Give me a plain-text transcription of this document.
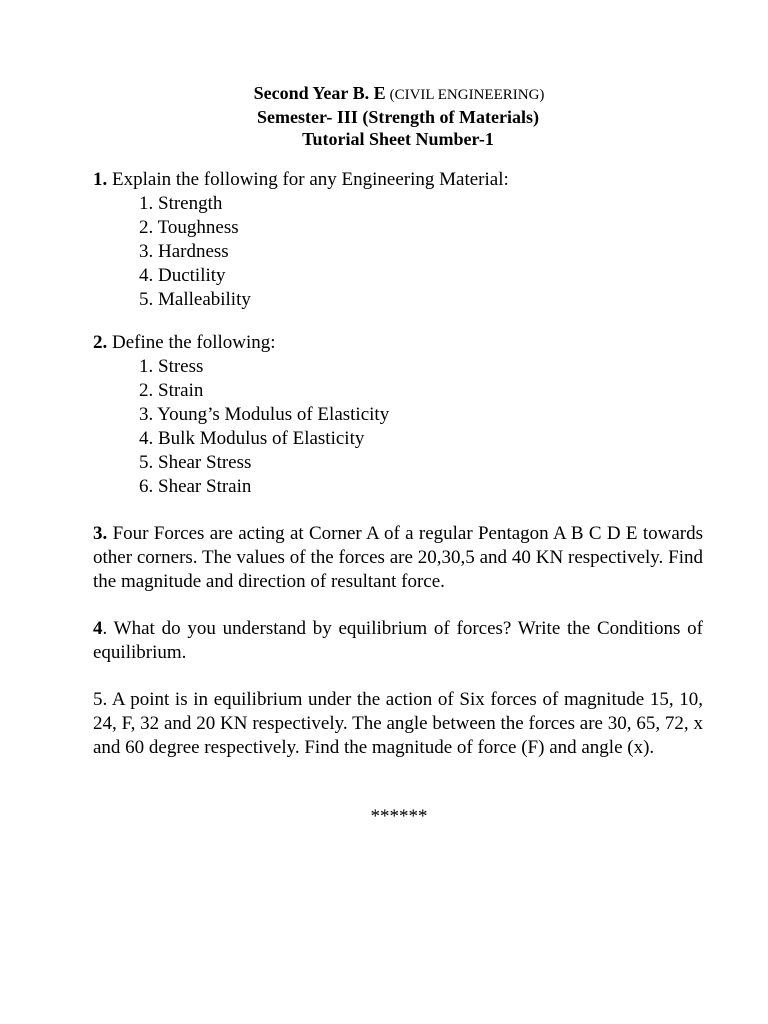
Second Year B. E (CIVIL ENGINEERING)
Semester- III (Strength of Materials)
Tutorial Sheet Number-1
1. Explain the following for any Engineering Material:
1. Strength
2. Toughness
3. Hardness
4. Ductility
5. Malleability
2. Define the following:
1. Stress
2. Strain
3. Young’s Modulus of Elasticity
4. Bulk Modulus of Elasticity
5. Shear Stress
6. Shear Strain
3. Four Forces are acting at Corner A of a regular Pentagon A B C D E towards other corners. The values of the forces are 20,30,5 and 40 KN respectively. Find the magnitude and direction of resultant force.
4. What do you understand by equilibrium of forces? Write the Conditions of equilibrium.
5. A point is in equilibrium under the action of Six forces of magnitude 15, 10, 24, F, 32 and 20 KN respectively. The angle between the forces are 30, 65, 72, x and 60 degree respectively. Find the magnitude of force (F) and angle (x).
******
